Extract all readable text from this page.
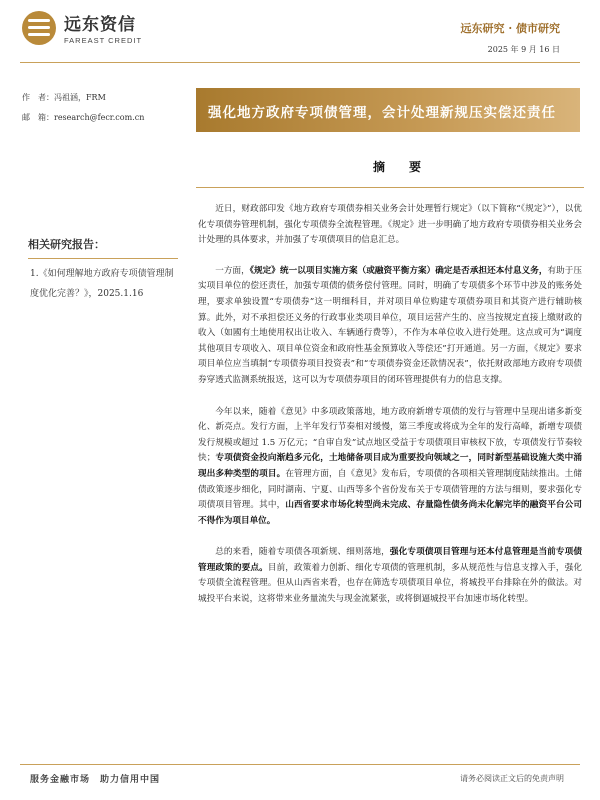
远东资信
FAREAST CREDIT
远东研究 · 债市研究
2025 年 9 月 16 日
作　者：冯祖涵，FRM
邮　箱：research@fecr.com.cn	强化地方政府专项债管理，会计处理新规压实偿还责任
相关研究报告：
1.《如何理解地方政府专项债管理制度优化完善？》，2025.1.16
摘　要

近日，财政部印发《地方政府专项债券相关业务会计处理暂行规定》（以下简称“《规定》”），以优化专项债券管理机制，强化专项债券全流程管理。《规定》进一步明确了地方政府专项债券相关业务会计处理的具体要求，并加强了专项债项目的信息汇总。

一方面，《规定》统一以项目实施方案（或融资平衡方案）确定是否承担还本付息义务，有助于压实项目单位的偿还责任，加强专项债的债务偿付管理。同时，明确了专项债多个环节中涉及的账务处理，要求单独设置“专项债券”这一明细科目，并对项目单位购建专项债券项目和其资产进行辅助核算。此外，对不承担偿还义务的行政事业类项目单位，项目运营产生的、应当按规定直接上缴财政的收入（如國有土地使用权出让收入、车辆通行费等），不作为本单位收入进行处理。这点或可为“调度其他项目专项收入、项目单位资金和政府性基金预算收入等偿还”打开通道。另一方面，《规定》要求项目单位应当填制“专项债券项目投资表”和“专项债券资金还款情况表”，依托财政部地方政府专项债券穿透式监测系统报送，这可以为专项债券项目的闭环管理提供有力的信息支撑。

今年以来，随着《意见》中多项政策落地，地方政府新增专项债的发行与管理中呈现出诸多新变化、新亮点。发行方面，上半年发行节奏相对缓慢，第三季度或将成为全年的发行高峰，新增专项债发行规模或超过 1.5 万亿元；“自审自发”试点地区受益于专项债项目审核权下放，专项债发行节奏较快；专项债资金投向渐趋多元化，土地储备项目成为重要投向领域之一，同时新型基础设施大类中涌现出多种类型的项目。在管理方面，自《意见》发布后，专项债的各项相关管理制度陆续推出。土储债政策逐步细化，同时湖南、宁夏、山西等多个省份发布关于专项债管理的方法与细则，要求强化专项债项目管理。其中，山西省要求市场化转型尚未完成、存量隐性债务尚未化解完毕的融资平台公司不得作为项目单位。

总的来看，随着专项债各项新规、细则落地，强化专项债项目管理与还本付息管理是当前专项债管理政策的要点。目前，政策着力创新、细化专项债的管理机制，多从规范性与信息支撑入手，强化专项债全流程管理。但从山西省来看，也存在筛选专项债项目单位，将城投平台排除在外的做法。对城投平台来说，这将带来业务量流失与现金流紧张，或将倒逼城投平台加速市场化转型。

服务金融市场　助力信用中国	请务必阅读正文后的免责声明
